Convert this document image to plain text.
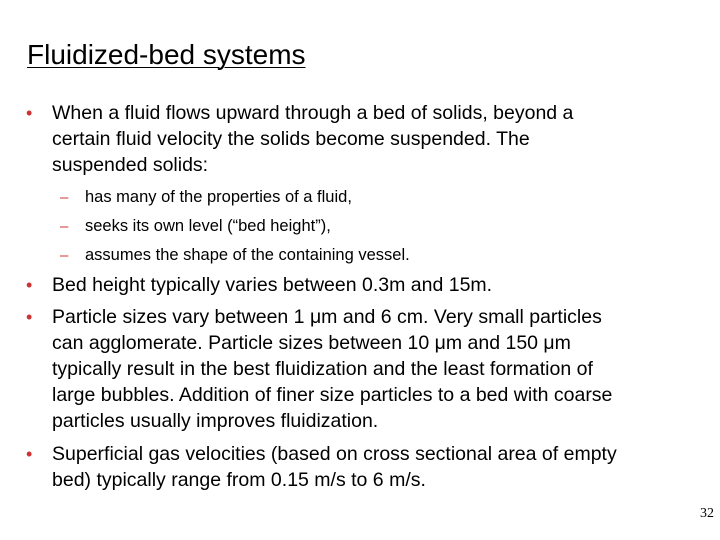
Fluidized-bed systems
• When a fluid flows upward through a bed of solids, beyond a
certain fluid velocity the solids become suspended. The
suspended solids:
– has many of the properties of a fluid,
– seeks its own level (“bed height”),
– assumes the shape of the containing vessel.
• Bed height typically varies between 0.3m and 15m.
• Particle sizes vary between 1 μm and 6 cm. Very small particles
can agglomerate. Particle sizes between 10 μm and 150 μm
typically result in the best fluidization and the least formation of
large bubbles. Addition of finer size particles to a bed with coarse
particles usually improves fluidization.
• Superficial gas velocities (based on cross sectional area of empty
bed) typically range from 0.15 m/s to 6 m/s.
32
